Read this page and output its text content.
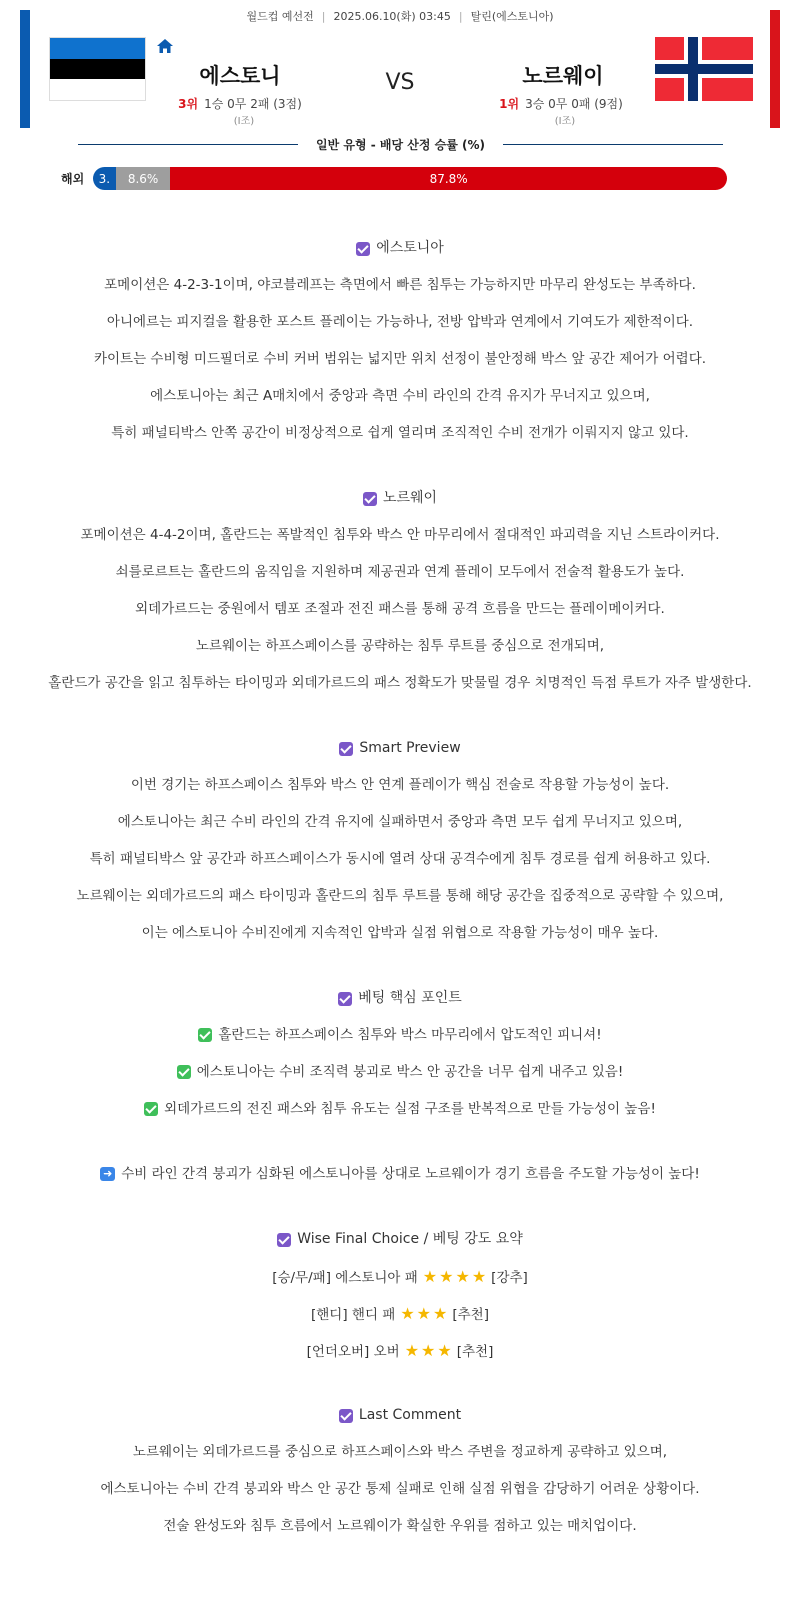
월드컵 예선전 | 2025.06.10(화) 03:45 | 탈린(에스토니아)
에스토니	VS	노르웨이
3위 1승 0무 2패 (3점)	1위 3승 0무 0패 (9점)
(I조)	(I조)
일반 유형 - 배당 산정 승률 (%)
해외	3.	8.6%	87.8%
에스토니아
포메이션은 4-2-3-1이며, 야코블레프는 측면에서 빠른 침투는 가능하지만 마무리 완성도는 부족하다.
아니에르는 피지컬을 활용한 포스트 플레이는 가능하나, 전방 압박과 연계에서 기여도가 제한적이다.
카이트는 수비형 미드필더로 수비 커버 범위는 넓지만 위치 선정이 불안정해 박스 앞 공간 제어가 어렵다.
에스토니아는 최근 A매치에서 중앙과 측면 수비 라인의 간격 유지가 무너지고 있으며,
특히 패널티박스 안쪽 공간이 비정상적으로 쉽게 열리며 조직적인 수비 전개가 이뤄지지 않고 있다.
노르웨이
포메이션은 4-4-2이며, 홀란드는 폭발적인 침투와 박스 안 마무리에서 절대적인 파괴력을 지닌 스트라이커다.
쇠를로르트는 홀란드의 움직임을 지원하며 제공권과 연계 플레이 모두에서 전술적 활용도가 높다.
외데가르드는 중원에서 템포 조절과 전진 패스를 통해 공격 흐름을 만드는 플레이메이커다.
노르웨이는 하프스페이스를 공략하는 침투 루트를 중심으로 전개되며,
홀란드가 공간을 읽고 침투하는 타이밍과 외데가르드의 패스 정확도가 맞물릴 경우 치명적인 득점 루트가 자주 발생한다.
Smart Preview
이번 경기는 하프스페이스 침투와 박스 안 연계 플레이가 핵심 전술로 작용할 가능성이 높다.
에스토니아는 최근 수비 라인의 간격 유지에 실패하면서 중앙과 측면 모두 쉽게 무너지고 있으며,
특히 패널티박스 앞 공간과 하프스페이스가 동시에 열려 상대 공격수에게 침투 경로를 쉽게 허용하고 있다.
노르웨이는 외데가르드의 패스 타이밍과 홀란드의 침투 루트를 통해 해당 공간을 집중적으로 공략할 수 있으며,
이는 에스토니아 수비진에게 지속적인 압박과 실점 위협으로 작용할 가능성이 매우 높다.
베팅 핵심 포인트
홀란드는 하프스페이스 침투와 박스 마무리에서 압도적인 피니셔!
에스토니아는 수비 조직력 붕괴로 박스 안 공간을 너무 쉽게 내주고 있음!
외데가르드의 전진 패스와 침투 유도는 실점 구조를 반복적으로 만들 가능성이 높음!
➜ 수비 라인 간격 붕괴가 심화된 에스토니아를 상대로 노르웨이가 경기 흐름을 주도할 가능성이 높다!
Wise Final Choice / 베팅 강도 요약
[승/무/패] 에스토니아 패 ★ ★ ★ ★ [강추]
[핸디] 핸디 패 ★ ★ ★ [추천]
[언더오버] 오버 ★ ★ ★ [추천]
Last Comment
노르웨이는 외데가르드를 중심으로 하프스페이스와 박스 주변을 정교하게 공략하고 있으며,
에스토니아는 수비 간격 붕괴와 박스 안 공간 통제 실패로 인해 실점 위협을 감당하기 어려운 상황이다.
전술 완성도와 침투 흐름에서 노르웨이가 확실한 우위를 점하고 있는 매치업이다.
